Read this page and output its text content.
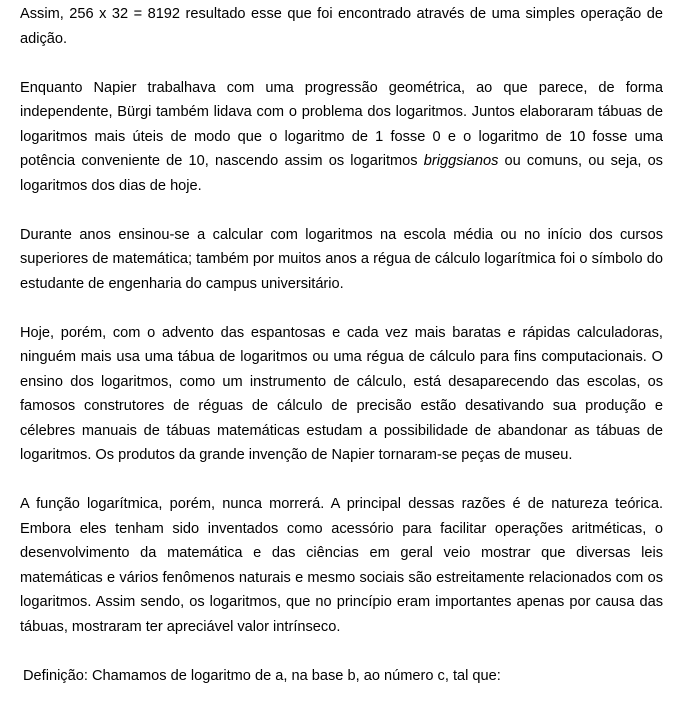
Assim, 256 x 32 = 8192 resultado esse que foi encontrado através de uma simples operação de adição.

Enquanto Napier trabalhava com uma progressão geométrica, ao que parece, de forma independente, Bürgi também lidava com o problema dos logaritmos. Juntos elaboraram tábuas de logaritmos mais úteis de modo que o logaritmo de 1 fosse 0 e o logaritmo de 10 fosse uma potência conveniente de 10, nascendo assim os logaritmos briggsianos ou comuns, ou seja, os logaritmos dos dias de hoje.

Durante anos ensinou-se a calcular com logaritmos na escola média ou no início dos cursos superiores de matemática; também por muitos anos a régua de cálculo logarítmica foi o símbolo do estudante de engenharia do campus universitário.

Hoje, porém, com o advento das espantosas e cada vez mais baratas e rápidas calculadoras, ninguém mais usa uma tábua de logaritmos ou uma régua de cálculo para fins computacionais. O ensino dos logaritmos, como um instrumento de cálculo, está desaparecendo das escolas, os famosos construtores de réguas de cálculo de precisão estão desativando sua produção e célebres manuais de tábuas matemáticas estudam a possibilidade de abandonar as tábuas de logaritmos. Os produtos da grande invenção de Napier tornaram-se peças de museu.

A função logarítmica, porém, nunca morrerá. A principal dessas razões é de natureza teórica. Embora eles tenham sido inventados como acessório para facilitar operações aritméticas, o desenvolvimento da matemática e das ciências em geral veio mostrar que diversas leis matemáticas e vários fenômenos naturais e mesmo sociais são estreitamente relacionados com os logaritmos. Assim sendo, os logaritmos, que no princípio eram importantes apenas por causa das tábuas, mostraram ter apreciável valor intrínseco.

Definição: Chamamos de logaritmo de a, na base b, ao número c, tal que:
